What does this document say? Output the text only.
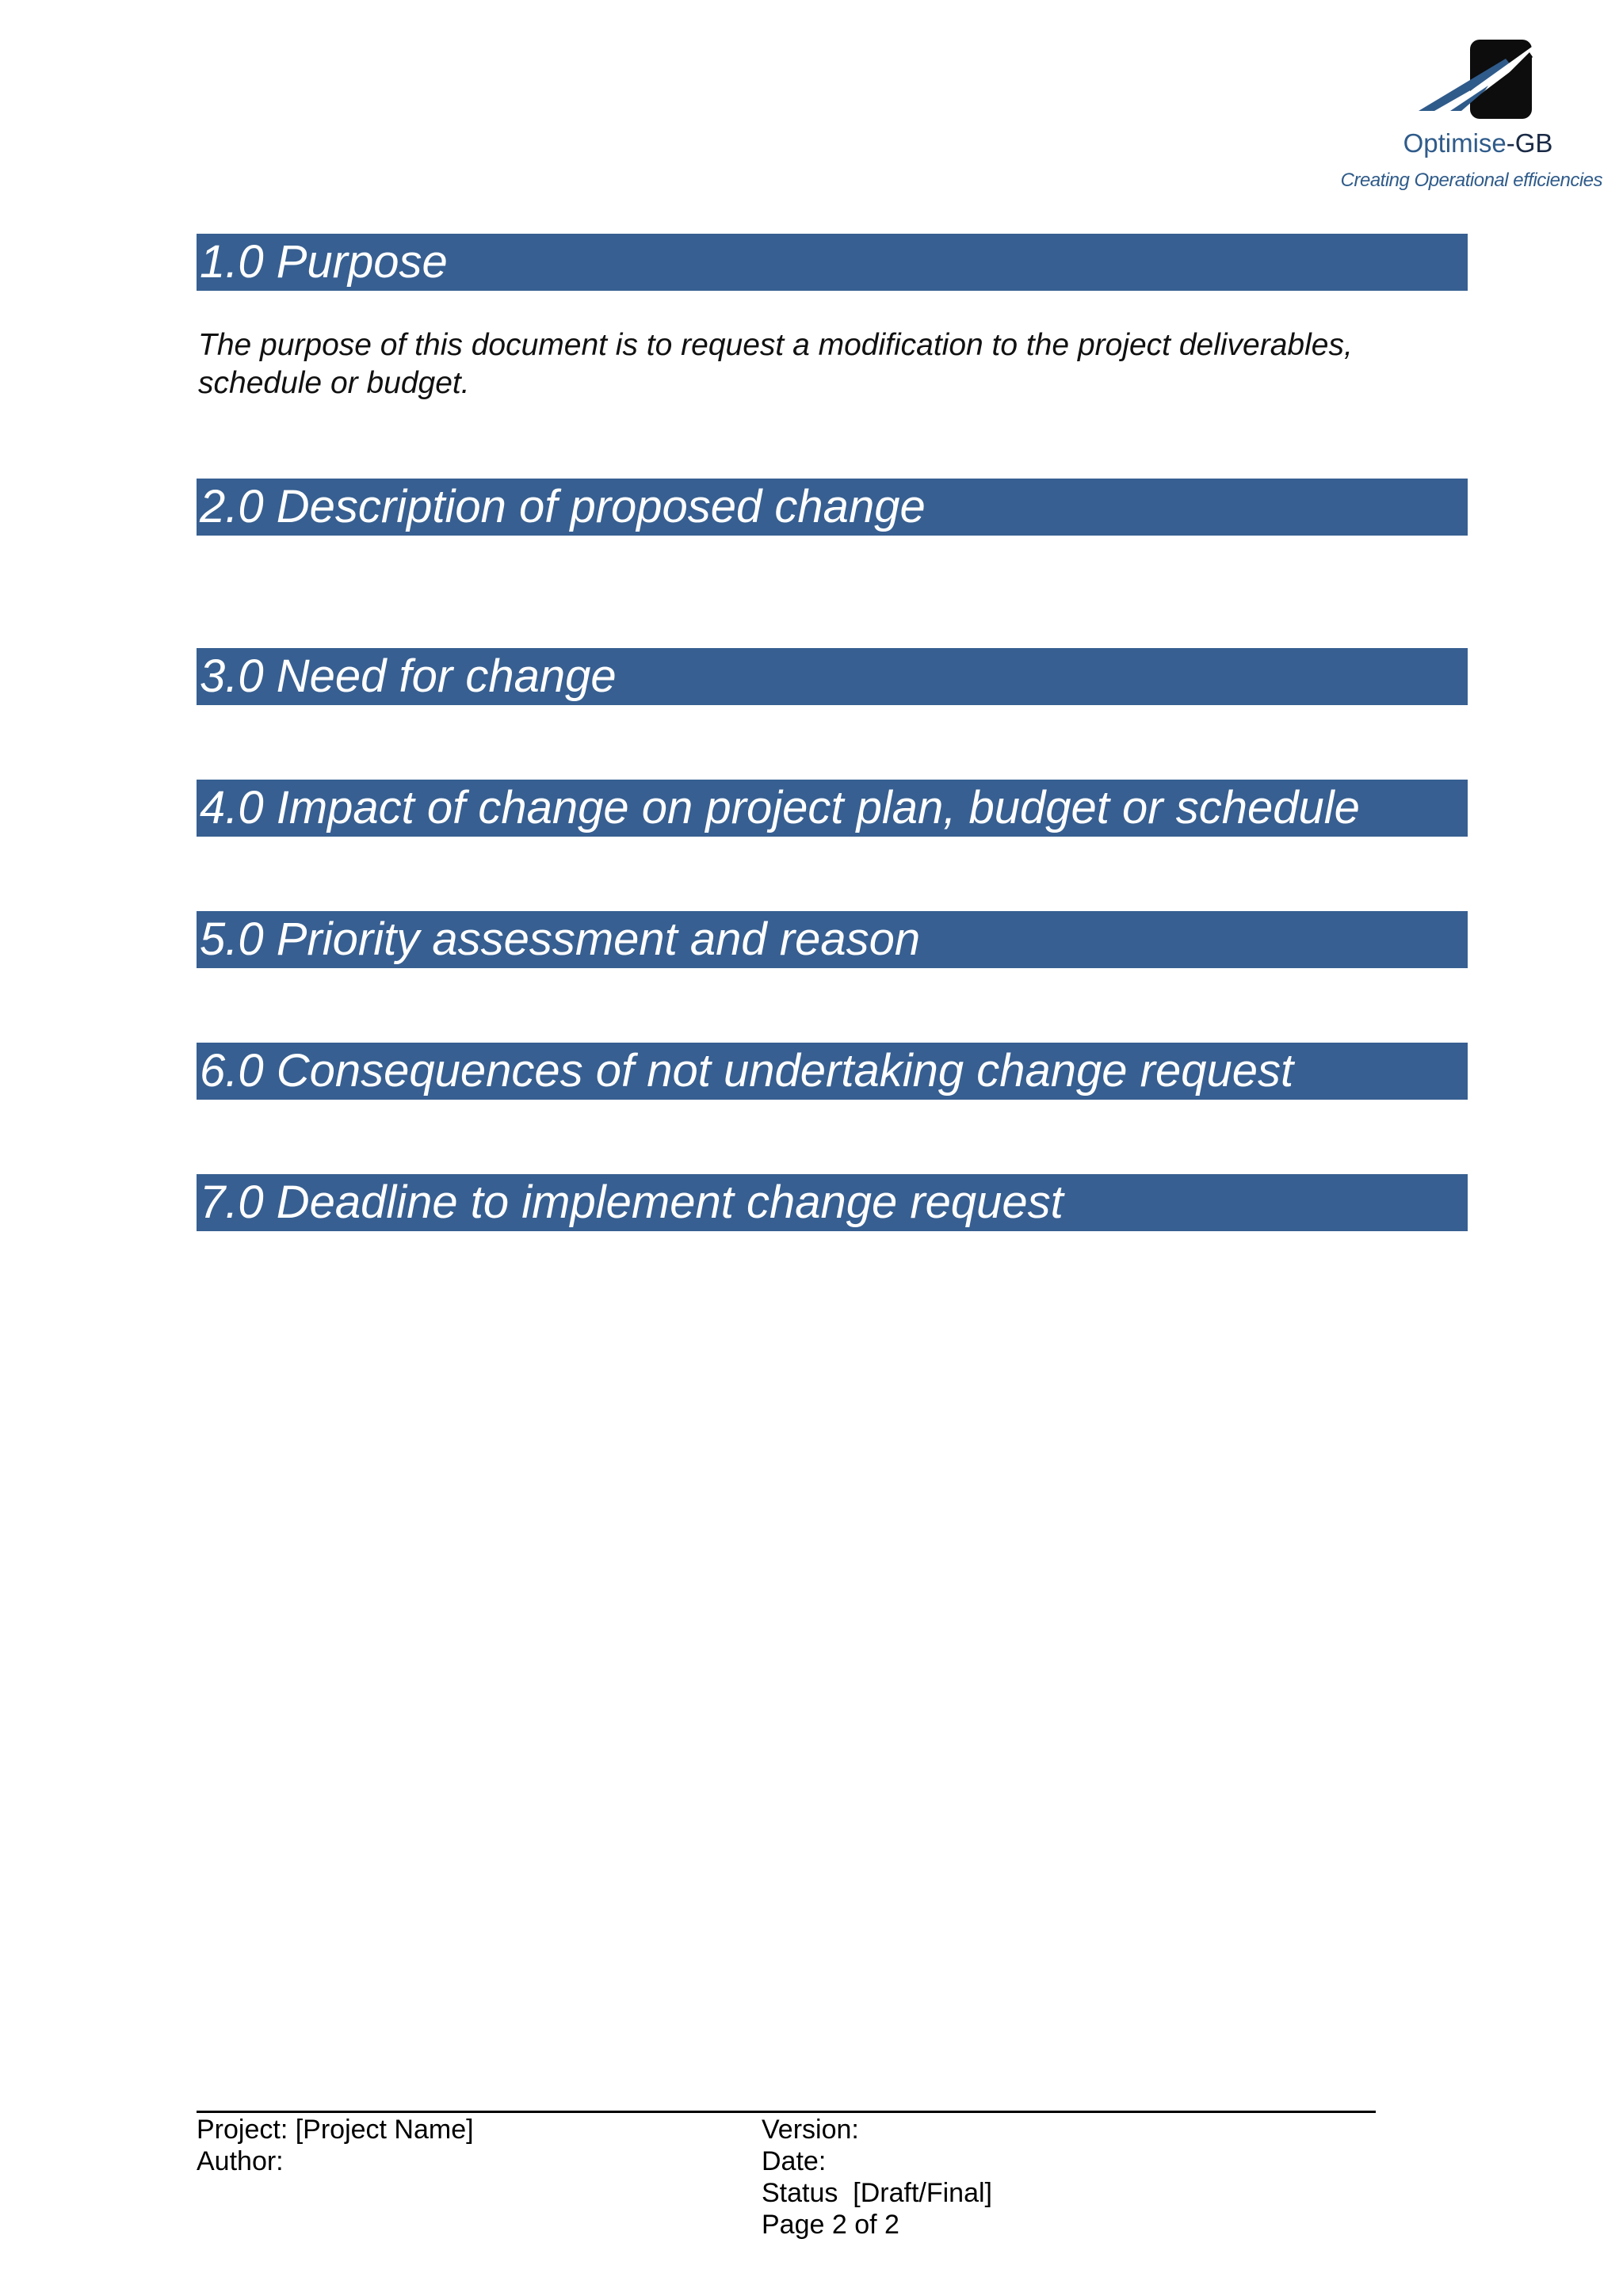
Optimise-GB
Creating Operational efficiencies
1.0 Purpose
The purpose of this document is to request a modification to the project deliverables, schedule or budget.
2.0 Description of proposed change
3.0 Need for change
4.0 Impact of change on project plan, budget or schedule
5.0 Priority assessment and reason
6.0 Consequences of not undertaking change request
7.0 Deadline to implement change request
Project: [Project Name]
Author:
Version:
Date:
Status  [Draft/Final]
Page 2 of 2
